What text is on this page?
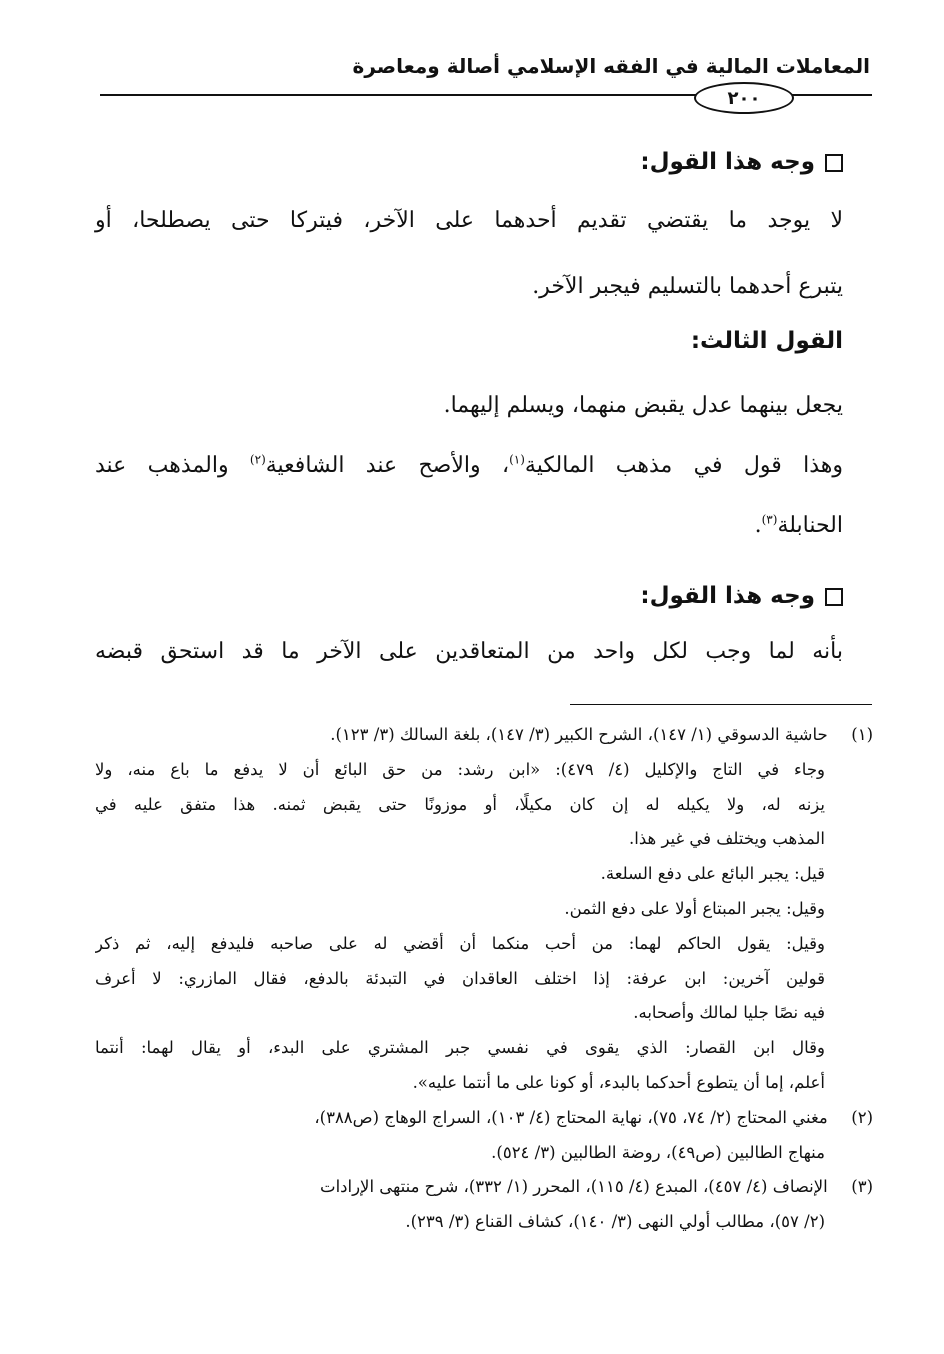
المعاملات المالية في الفقه الإسلامي أصالة ومعاصرة
٢٠٠
وجه هذا القول:
لا يوجد ما يقتضي تقديم أحدهما على الآخر، فيتركا حتى يصطلحا، أو
يتبرع أحدهما بالتسليم فيجبر الآخر.
القول الثالث:
يجعل بينهما عدل يقبض منهما، ويسلم إليهما.
وهذا قول في مذهب المالكية$^{(١)}$، والأصح عند الشافعية$^{(٢)}$ والمذهب عند
الحنابلة$^{(٣)}$.
وجه هذا القول:
بأنه لما وجب لكل واحد من المتعاقدين على الآخر ما قد استحق قبضه
(١) حاشية الدسوقي (١/ ١٤٧)، الشرح الكبير (٣/ ١٤٧)، بلغة السالك (٣/ ١٢٣).
وجاء في التاج والإكليل (٤/ ٤٧٩): «ابن رشد: من حق البائع أن لا يدفع ما باع منه، ولا
يزنه له، ولا يكيله له إن كان مكيلًا، أو موزونًا حتى يقبض ثمنه. هذا متفق عليه في
المذهب ويختلف في غير هذا.
قيل: يجبر البائع على دفع السلعة.
وقيل: يجبر المبتاع أولا على دفع الثمن.
وقيل: يقول الحاكم لهما: من أحب منكما أن أقضي له على صاحبه فليدفع إليه، ثم ذكر
قولين آخرين: ابن عرفة: إذا اختلف العاقدان في التبدئة بالدفع، فقال المازري: لا أعرف
فيه نصًا جليا لمالك وأصحابه.
وقال ابن القصار: الذي يقوى في نفسي جبر المشتري على البدء، أو يقال لهما: أنتما
أعلم، إما أن يتطوع أحدكما بالبدء، أو كونا على ما أنتما عليه».
(٢) مغني المحتاج (٢/ ٧٤، ٧٥)، نهاية المحتاج (٤/ ١٠٣)، السراج الوهاج (ص٣٨٨)،
منهاج الطالبين (ص٤٩)، روضة الطالبين (٣/ ٥٢٤).
(٣) الإنصاف (٤/ ٤٥٧)، المبدع (٤/ ١١٥)، المحرر (١/ ٣٣٢)، شرح منتهى الإرادات
(٢/ ٥٧)، مطالب أولي النهى (٣/ ١٤٠)، كشاف القناع (٣/ ٢٣٩).
